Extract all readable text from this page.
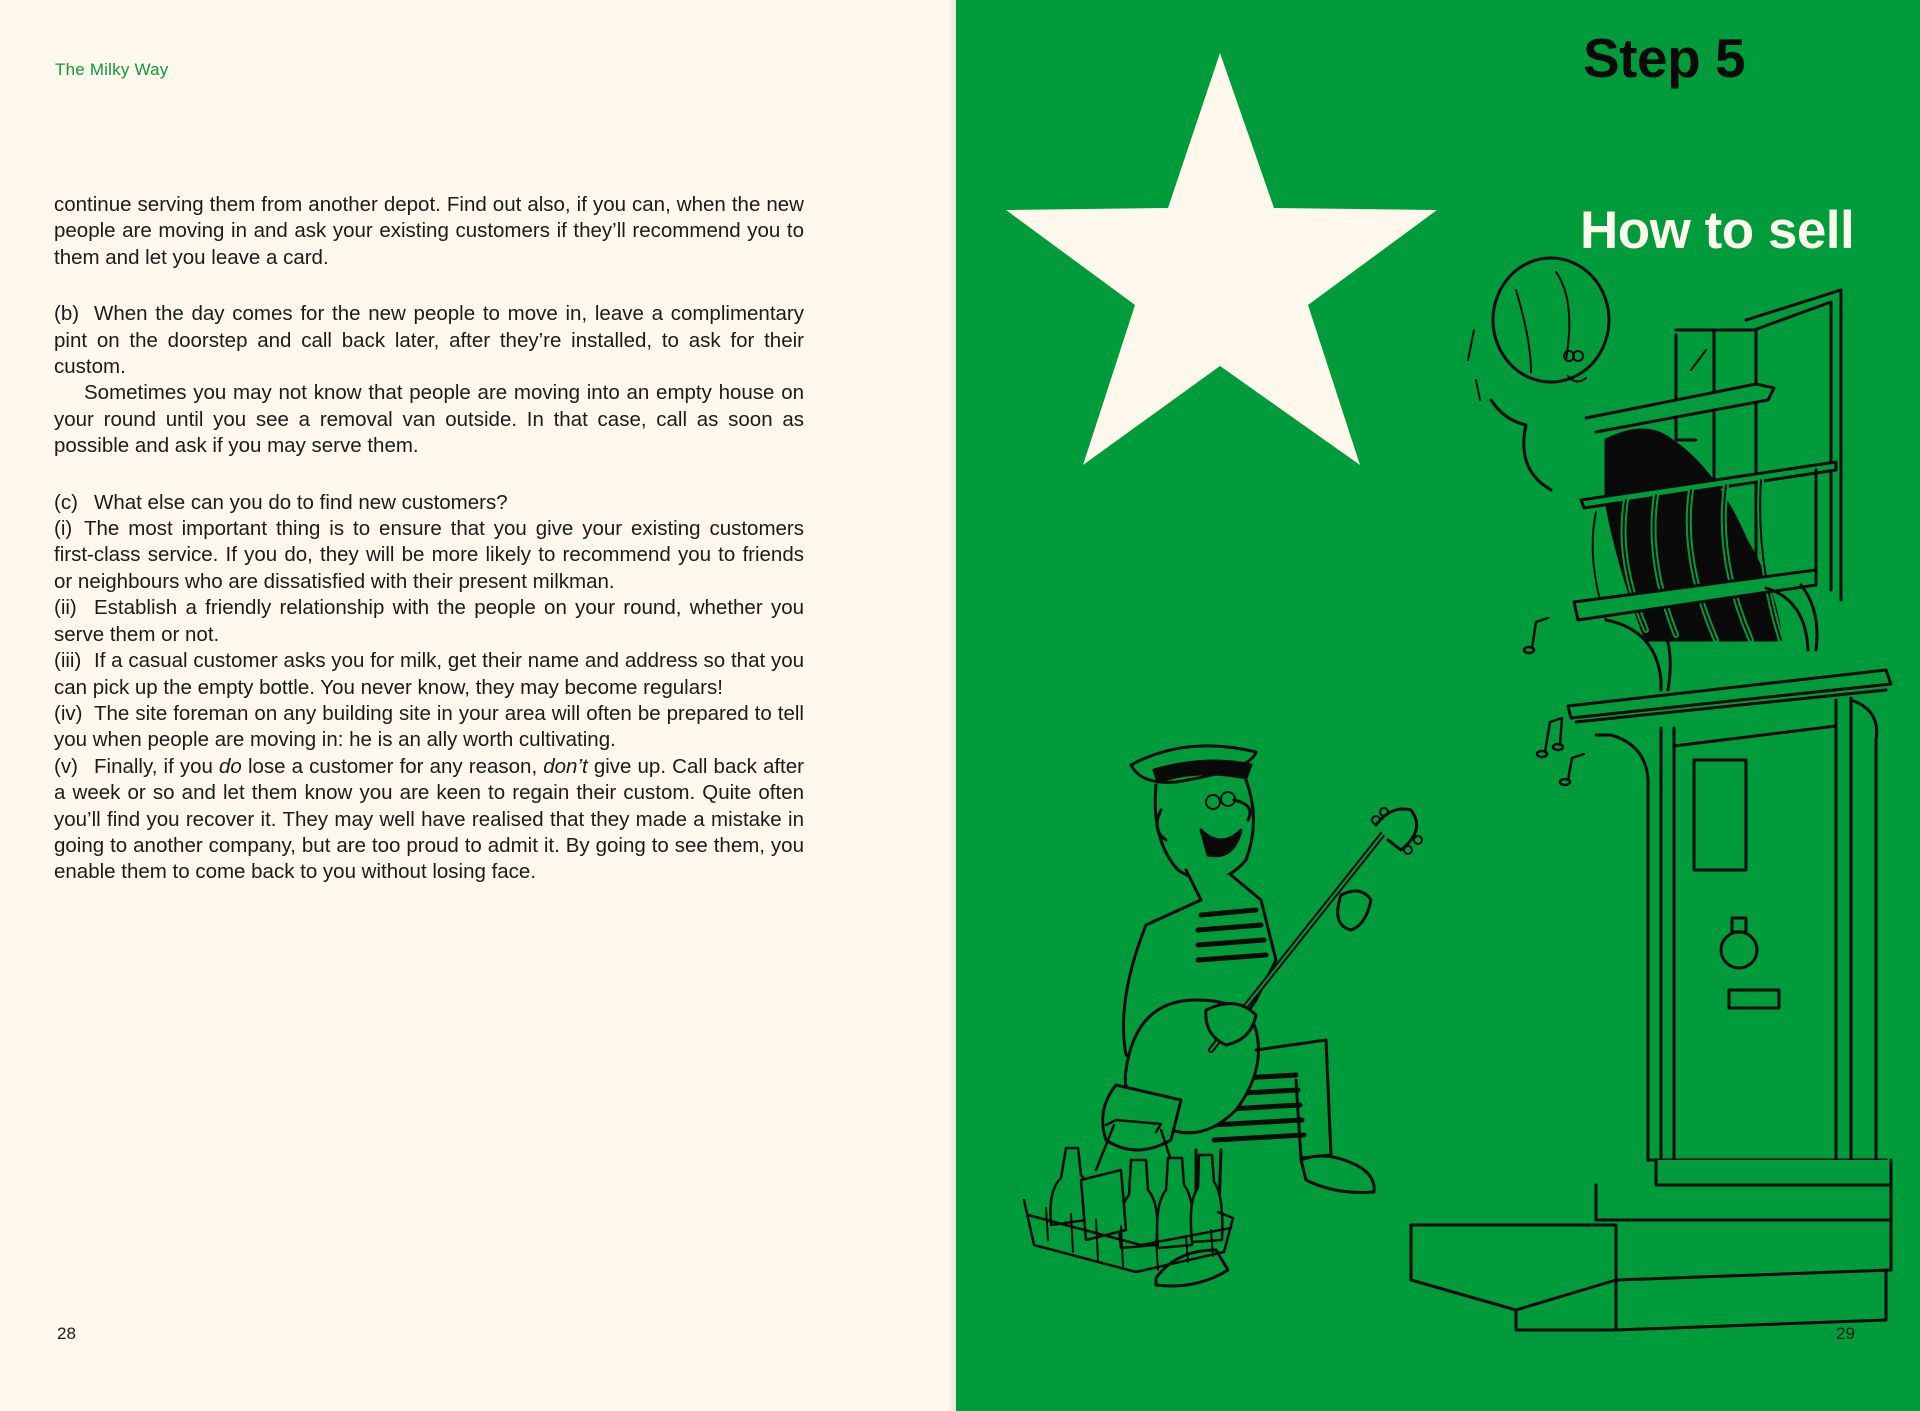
The Milky Way

continue serving them from another depot. Find out also, if you can, when the new people are moving in and ask your existing customers if they’ll recommend you to them and let you leave a card.

(b) When the day comes for the new people to move in, leave a complimentary pint on the doorstep and call back later, after they’re installed, to ask for their custom.

Sometimes you may not know that people are moving into an empty house on your round until you see a removal van outside. In that case, call as soon as possible and ask if you may serve them.

(c) What else can you do to find new customers?

(i) The most important thing is to ensure that you give your existing customers first-class service. If you do, they will be more likely to recommend you to friends or neighbours who are dissatisfied with their present milkman.

(ii) Establish a friendly relationship with the people on your round, whether you serve them or not.

(iii) If a casual customer asks you for milk, get their name and address so that you can pick up the empty bottle. You never know, they may become regulars!

(iv) The site foreman on any building site in your area will often be prepared to tell you when people are moving in: he is an ally worth cultivating.

(v) Finally, if you do lose a customer for any reason, don’t give up. Call back after a week or so and let them know you are keen to regain their custom. Quite often you’ll find you recover it. They may well have realised that they made a mistake in going to another company, but are too proud to admit it. By going to see them, you enable them to come back to you without losing face.

28
Step 5
How to sell
29
